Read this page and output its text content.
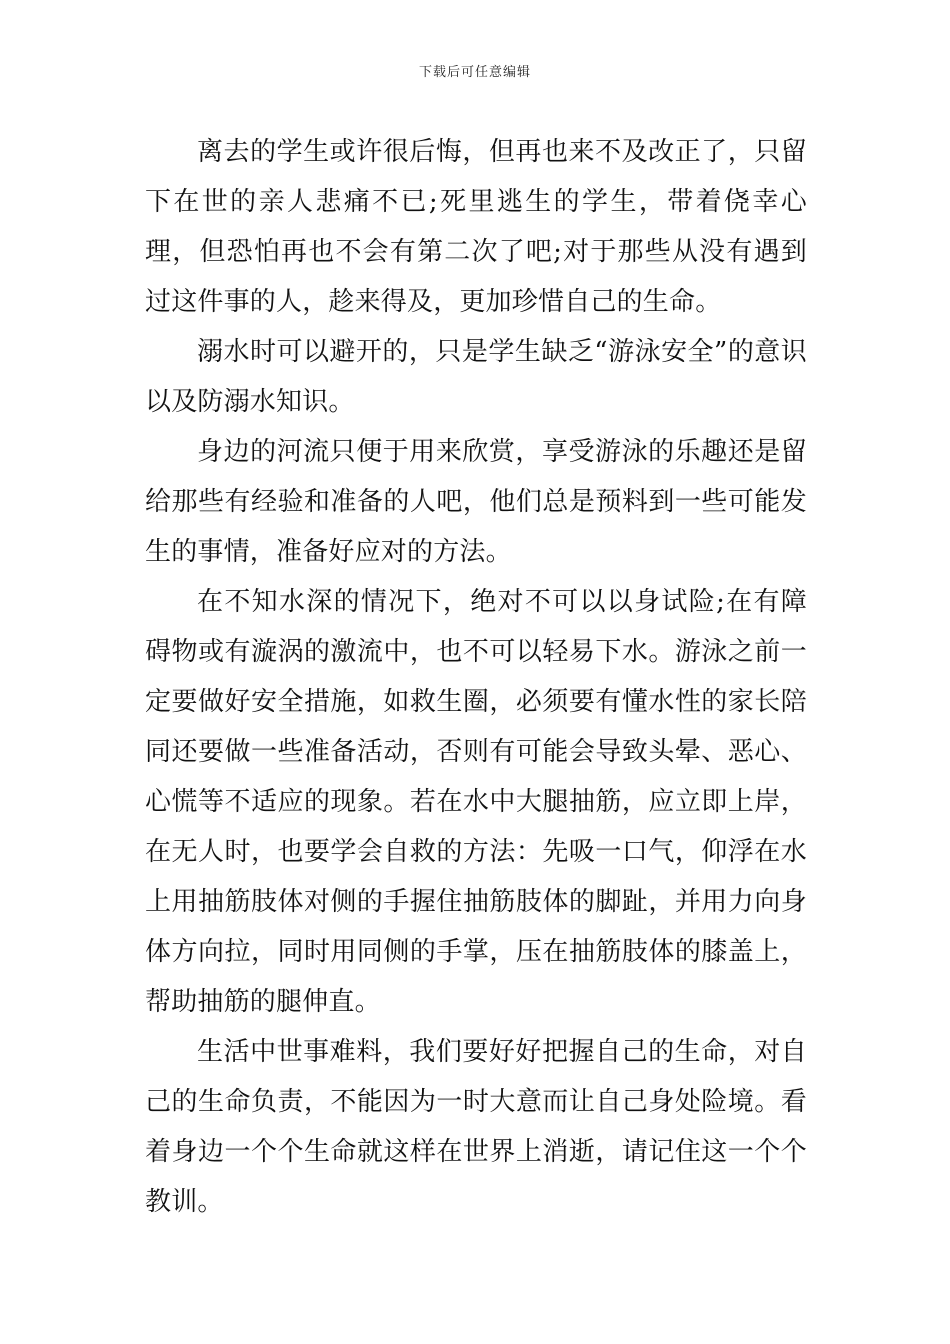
下载后可任意编辑

离去的学生或许很后悔，但再也来不及改正了，只留下在世的亲人悲痛不已;死里逃生的学生，带着侥幸心理，但恐怕再也不会有第二次了吧;对于那些从没有遇到过这件事的人，趁来得及，更加珍惜自己的生命。

溺水时可以避开的，只是学生缺乏“游泳安全”的意识以及防溺水知识。

身边的河流只便于用来欣赏，享受游泳的乐趣还是留给那些有经验和准备的人吧，他们总是预料到一些可能发生的事情，准备好应对的方法。

在不知水深的情况下，绝对不可以以身试险;在有障碍物或有漩涡的激流中，也不可以轻易下水。游泳之前一定要做好安全措施，如救生圈，必须要有懂水性的家长陪同还要做一些准备活动，否则有可能会导致头晕、恶心、心慌等不适应的现象。若在水中大腿抽筋，应立即上岸，在无人时，也要学会自救的方法：先吸一口气，仰浮在水上用抽筋肢体对侧的手握住抽筋肢体的脚趾，并用力向身体方向拉，同时用同侧的手掌，压在抽筋肢体的膝盖上，帮助抽筋的腿伸直。

生活中世事难料，我们要好好把握自己的生命，对自己的生命负责，不能因为一时大意而让自己身处险境。看着身边一个个生命就这样在世界上消逝，请记住这一个个教训。
